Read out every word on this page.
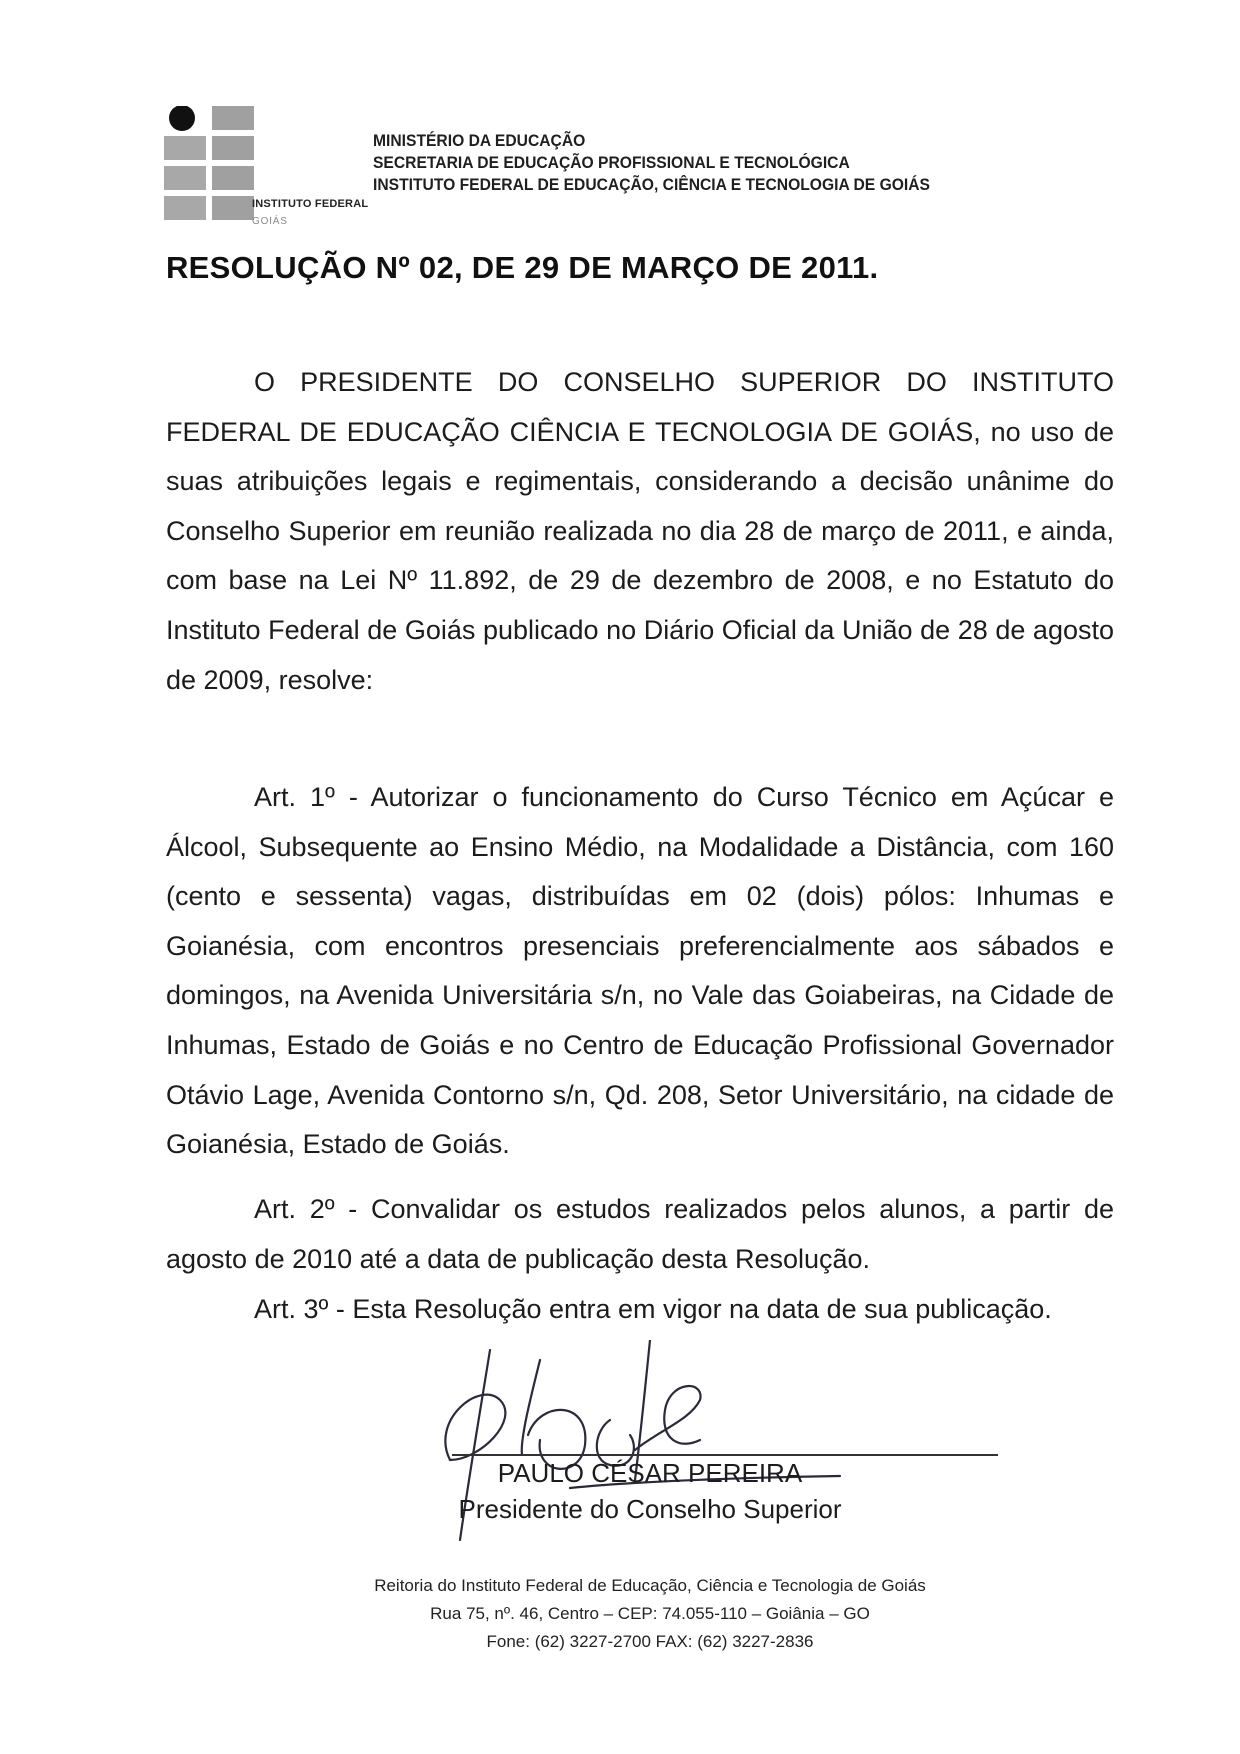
INSTITUTO FEDERAL
GOIÁS
MINISTÉRIO DA EDUCAÇÃO
SECRETARIA DE EDUCAÇÃO PROFISSIONAL E TECNOLÓGICA
INSTITUTO FEDERAL DE EDUCAÇÃO, CIÊNCIA E TECNOLOGIA DE GOIÁS
RESOLUÇÃO Nº 02, DE 29 DE MARÇO DE 2011.

O PRESIDENTE DO CONSELHO SUPERIOR DO INSTITUTO FEDERAL DE EDUCAÇÃO CIÊNCIA E TECNOLOGIA DE GOIÁS, no uso de suas atribuições legais e regimentais, considerando a decisão unânime do Conselho Superior em reunião realizada no dia 28 de março de 2011, e ainda, com base na Lei Nº 11.892, de 29 de dezembro de 2008, e no Estatuto do Instituto Federal de Goiás publicado no Diário Oficial da União de 28 de agosto de 2009, resolve:

Art. 1º - Autorizar o funcionamento do Curso Técnico em Açúcar e Álcool, Subsequente ao Ensino Médio, na Modalidade a Distância, com 160 (cento e sessenta) vagas, distribuídas em 02 (dois) pólos: Inhumas e Goianésia, com encontros presenciais preferencialmente aos sábados e domingos, na Avenida Universitária s/n, no Vale das Goiabeiras, na Cidade de Inhumas, Estado de Goiás e no Centro de Educação Profissional Governador Otávio Lage, Avenida Contorno s/n, Qd. 208, Setor Universitário, na cidade de Goianésia, Estado de Goiás.

Art. 2º - Convalidar os estudos realizados pelos alunos, a partir de agosto de 2010 até a data de publicação desta Resolução.

Art. 3º - Esta Resolução entra em vigor na data de sua publicação.

PAULO CÉSAR PEREIRA
Presidente do Conselho Superior
Reitoria do Instituto Federal de Educação, Ciência e Tecnologia de Goiás
Rua 75, nº. 46, Centro – CEP: 74.055-110 – Goiânia – GO
Fone: (62) 3227-2700 FAX: (62) 3227-2836
